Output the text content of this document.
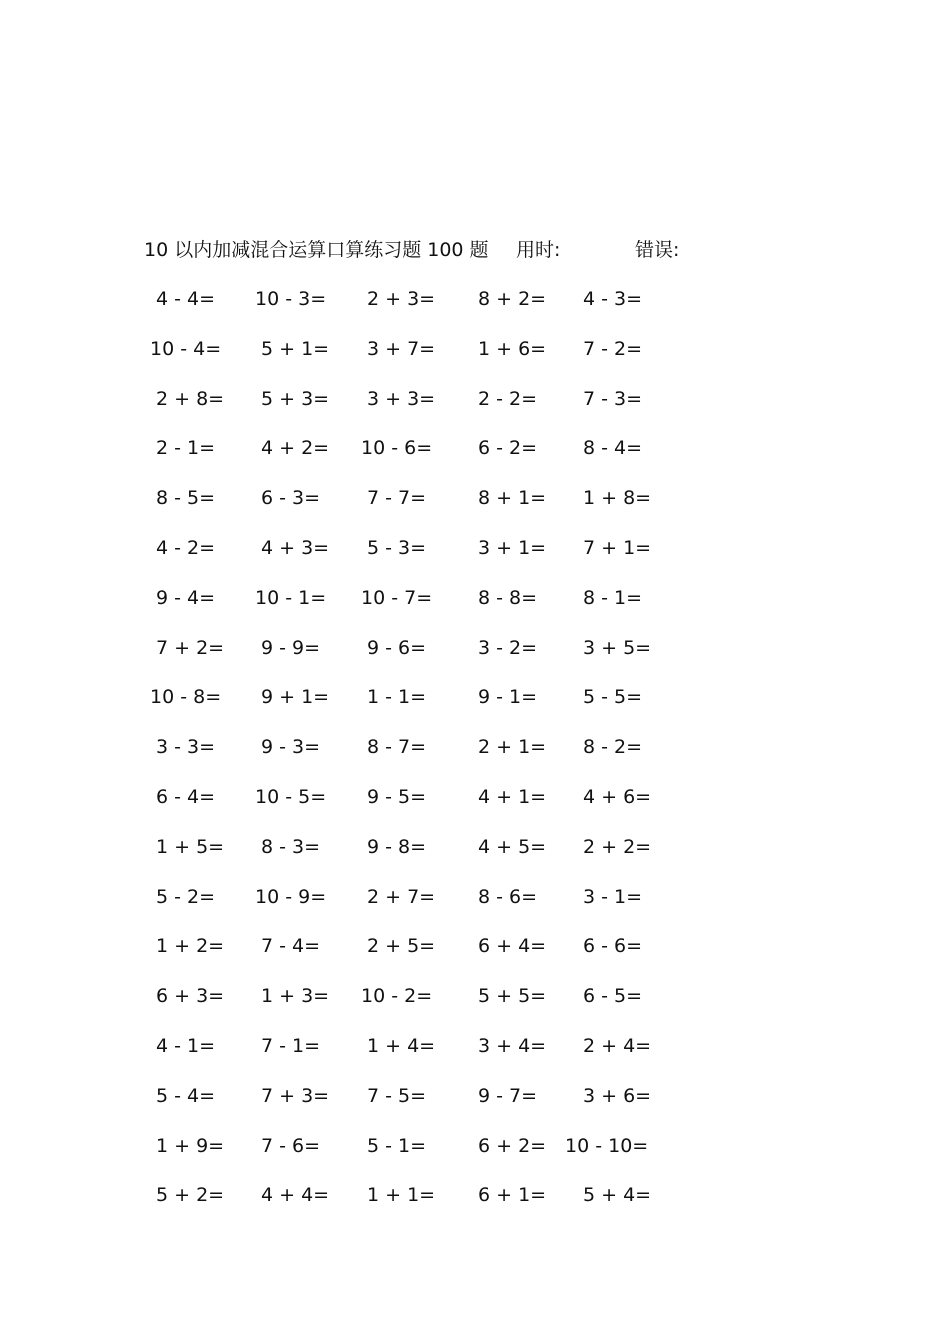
10 以内加减混合运算口算练习题 100 题 用时:	错误:
4 - 4= 10 - 3= 2 + 3= 8 + 2= 4 - 3=
10 - 4= 5 + 1= 3 + 7= 1 + 6= 7 - 2=
2 + 8= 5 + 3= 3 + 3= 2 - 2= 7 - 3=
2 - 1= 4 + 2= 10 - 6= 6 - 2= 8 - 4=
8 - 5= 6 - 3= 7 - 7=	8 + 1= 1 + 8=
4 - 2= 4 + 3= 5 - 3=	3 + 1= 7 + 1=
9 - 4= 10 - 1= 10 - 7= 8 - 8= 8 - 1=
7 + 2= 9 - 9= 9 - 6=	3 - 2= 3 + 5=
10 - 8= 9 + 1= 1 - 1=	9 - 1= 5 - 5=
3 - 3= 9 - 3= 8 - 7=	2 + 1= 8 - 2=
6 - 4= 10 - 5= 9 - 5=	4 + 1= 4 + 6=
1 + 5= 8 - 3= 9 - 8=	4 + 5= 2 + 2=
5 - 2= 10 - 9= 2 + 7= 8 - 6= 3 - 1=
1 + 2= 7 - 4= 2 + 5= 6 + 4= 6 - 6=
6 + 3= 1 + 3= 10 - 2= 5 + 5= 6 - 5=
4 - 1= 7 - 1= 1 + 4= 3 + 4= 2 + 4=
5 - 4= 7 + 3= 7 - 5=	9 - 7= 3 + 6=
1 + 9= 7 - 6= 5 - 1=	6 + 2= 10 - 10=
5 + 2= 4 + 4= 1 + 1= 6 + 1= 5 + 4=
